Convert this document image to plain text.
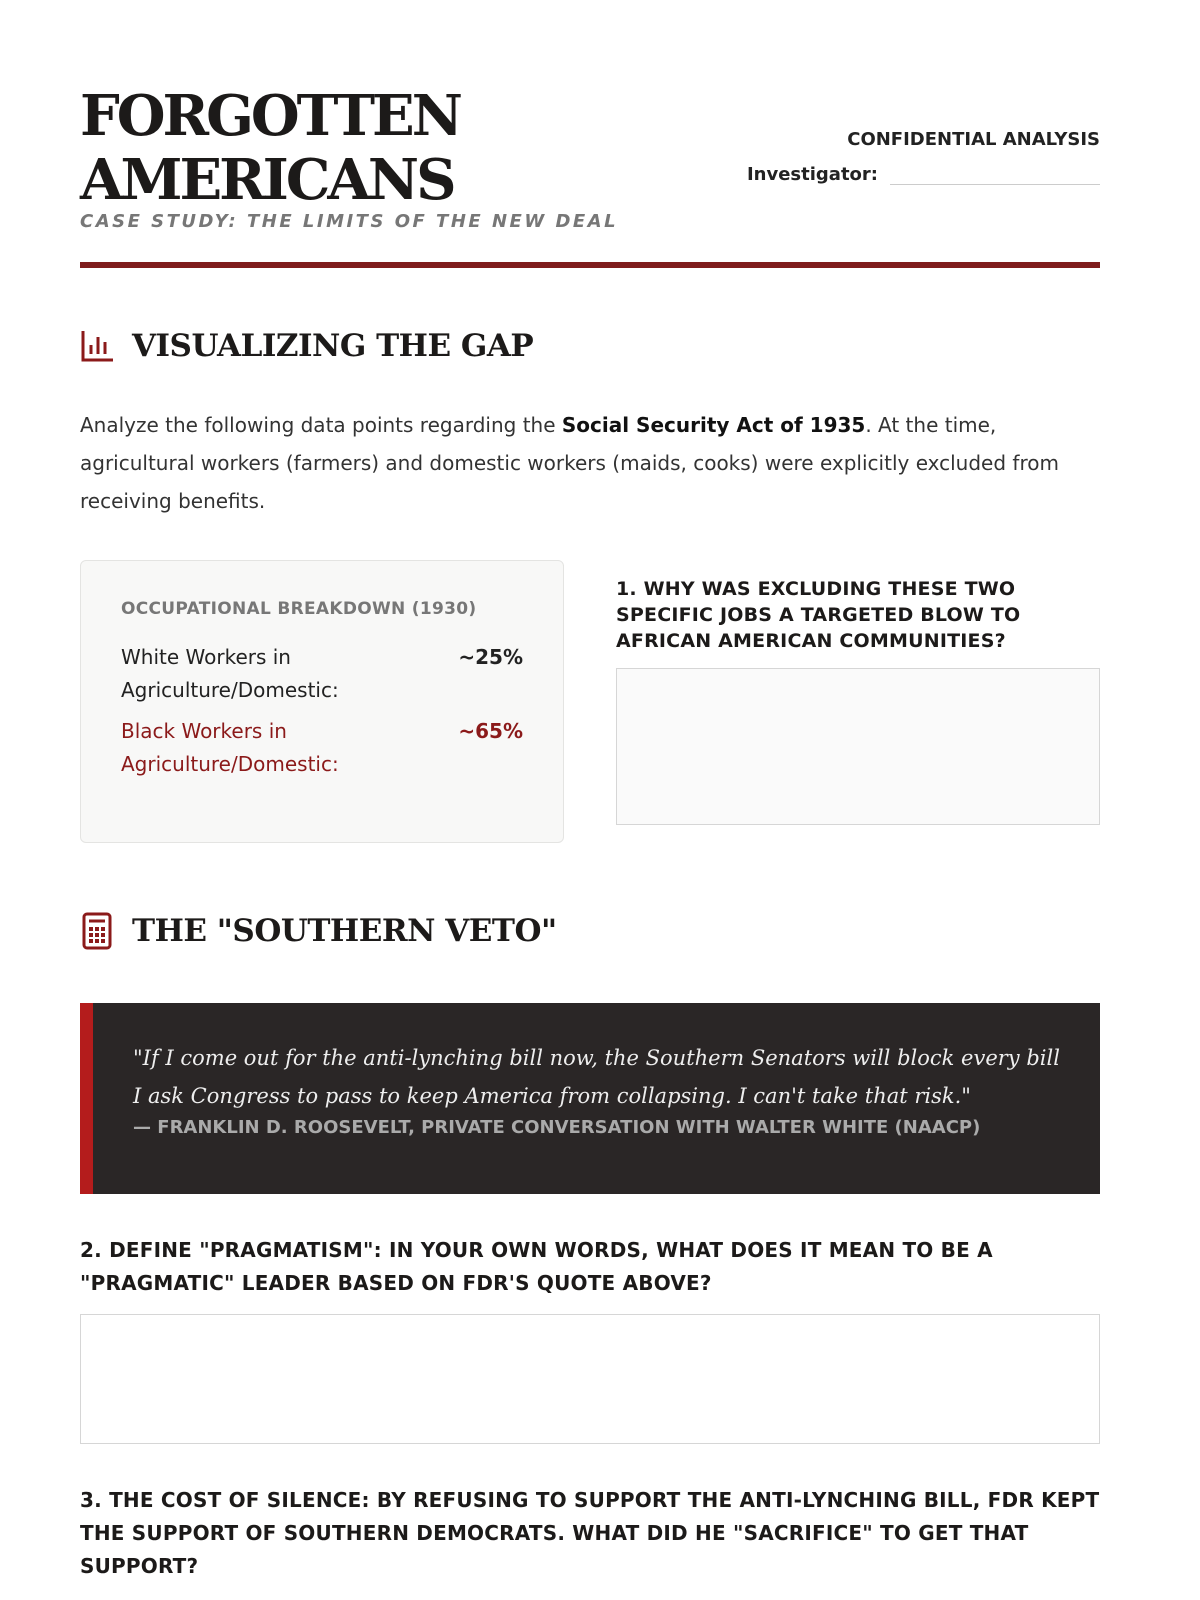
FORGOTTEN
AMERICANS
CASE STUDY: THE LIMITS OF THE NEW DEAL
CONFIDENTIAL ANALYSIS
Investigator:
VISUALIZING THE GAP

Analyze the following data points regarding the Social Security Act of 1935. At the time, agricultural workers (farmers) and domestic workers (maids, cooks) were explicitly excluded from receiving benefits.

OCCUPATIONAL BREAKDOWN (1930)
White Workers in Agriculture/Domestic:
~25%
Black Workers in Agriculture/Domestic:
~65%
1. WHY WAS EXCLUDING THESE TWO SPECIFIC JOBS A TARGETED BLOW TO AFRICAN AMERICAN COMMUNITIES?
THE "SOUTHERN VETO"

"If I come out for the anti-lynching bill now, the Southern Senators will block every bill I ask Congress to pass to keep America from collapsing. I can't take that risk."

— FRANKLIN D. ROOSEVELT, PRIVATE CONVERSATION WITH WALTER WHITE (NAACP)
2. DEFINE "PRAGMATISM": IN YOUR OWN WORDS, WHAT DOES IT MEAN TO BE A "PRAGMATIC" LEADER BASED ON FDR'S QUOTE ABOVE?
3. THE COST OF SILENCE: BY REFUSING TO SUPPORT THE ANTI-LYNCHING BILL, FDR KEPT THE SUPPORT OF SOUTHERN DEMOCRATS. WHAT DID HE "SACRIFICE" TO GET THAT SUPPORT?
